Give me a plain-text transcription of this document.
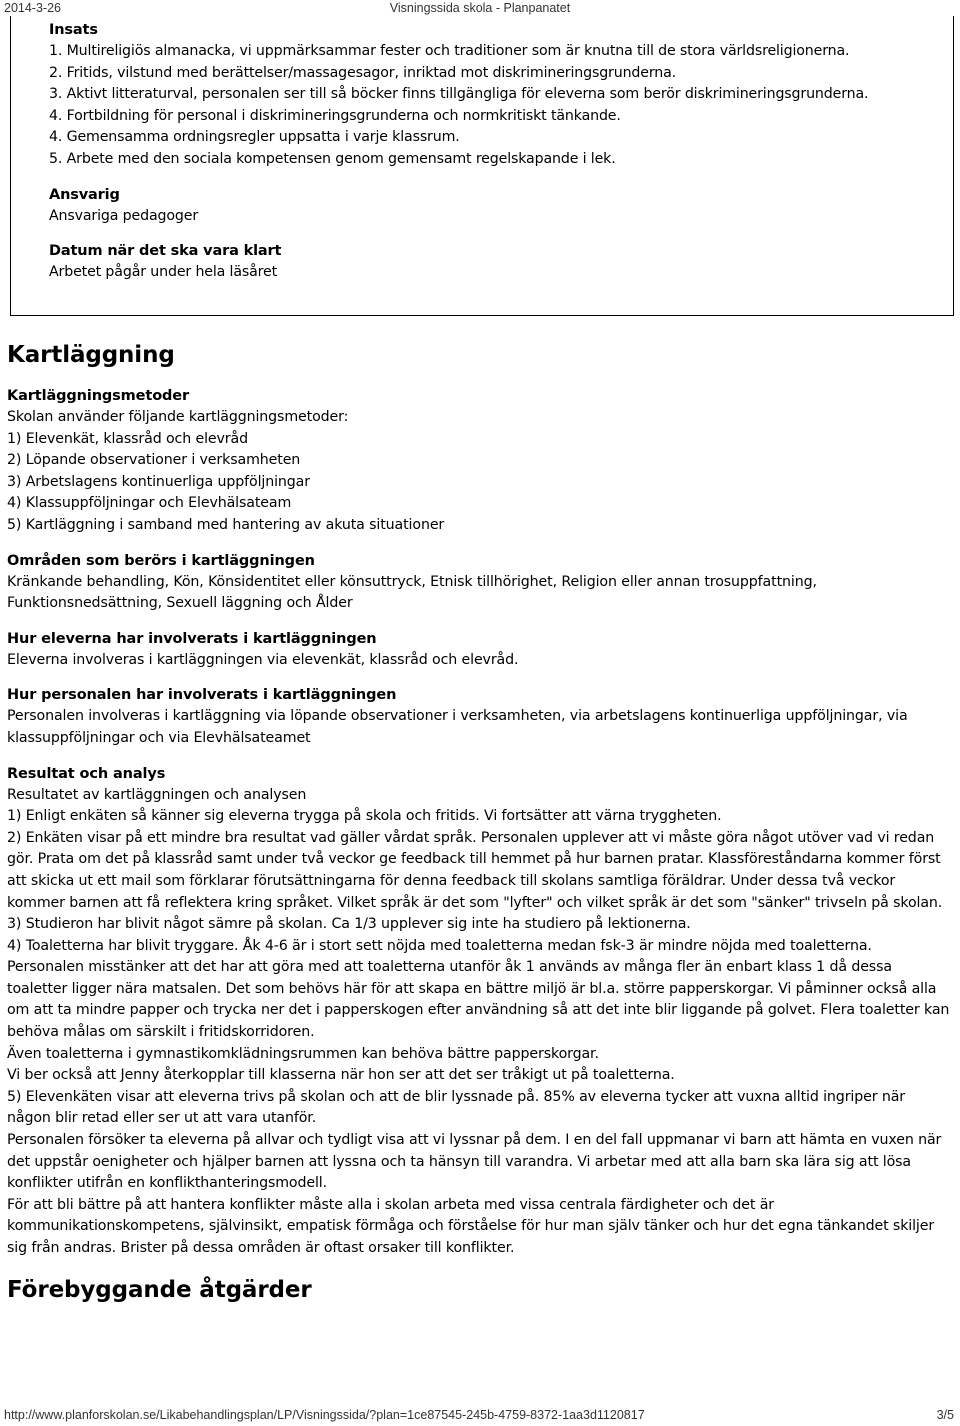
2014-3-26	Visningssida skola - Planpanatet
Insats

1. Multireligiös almanacka, vi uppmärksammar fester och traditioner som är knutna till de stora världsreligionerna.

2. Fritids, vilstund med berättelser/massagesagor, inriktad mot diskrimineringsgrunderna.

3. Aktivt litteraturval, personalen ser till så böcker finns tillgängliga för eleverna som berör diskrimineringsgrunderna.

4. Fortbildning för personal i diskrimineringsgrunderna och normkritiskt tänkande.

4. Gemensamma ordningsregler uppsatta i varje klassrum.

5. Arbete med den sociala kompetensen genom gemensamt regelskapande i lek.

Ansvarig

Ansvariga pedagoger

Datum när det ska vara klart

Arbetet pågår under hela läsåret

Kartläggning
Kartläggningsmetoder

Skolan använder följande kartläggningsmetoder:

1) Elevenkät, klassråd och elevråd

2) Löpande observationer i verksamheten

3) Arbetslagens kontinuerliga uppföljningar

4) Klassuppföljningar och Elevhälsateam

5) Kartläggning i samband med hantering av akuta situationer

Områden som berörs i kartläggningen

Kränkande behandling, Kön, Könsidentitet eller könsuttryck, Etnisk tillhörighet, Religion eller annan trosuppfattning, Funktionsnedsättning, Sexuell läggning och Ålder

Hur eleverna har involverats i kartläggningen

Eleverna involveras i kartläggningen via elevenkät, klassråd och elevråd.

Hur personalen har involverats i kartläggningen

Personalen involveras i kartläggning via löpande observationer i verksamheten, via arbetslagens kontinuerliga uppföljningar, via klassuppföljningar och via Elevhälsateamet

Resultat och analys

Resultatet av kartläggningen och analysen

1) Enligt enkäten så känner sig eleverna trygga på skola och fritids. Vi fortsätter att värna tryggheten.

2) Enkäten visar på ett mindre bra resultat vad gäller vårdat språk. Personalen upplever att vi måste göra något utöver vad vi redan gör. Prata om det på klassråd samt under två veckor ge feedback till hemmet på hur barnen pratar. Klassföreståndarna kommer först att skicka ut ett mail som förklarar förutsättningarna för denna feedback till skolans samtliga föräldrar. Under dessa två veckor kommer barnen att få reflektera kring språket. Vilket språk är det som "lyfter" och vilket språk är det som "sänker" trivseln på skolan.

3) Studieron har blivit något sämre på skolan. Ca 1/3 upplever sig inte ha studiero på lektionerna.

4) Toaletterna har blivit tryggare. Åk 4-6 är i stort sett nöjda med toaletterna medan fsk-3 är mindre nöjda med toaletterna. Personalen misstänker att det har att göra med att toaletterna utanför åk 1 används av många fler än enbart klass 1 då dessa toaletter ligger nära matsalen. Det som behövs här för att skapa en bättre miljö är bl.a. större papperskorgar. Vi påminner också alla om att ta mindre papper och trycka ner det i papperskogen efter användning så att det inte blir liggande på golvet. Flera toaletter kan behöva målas om särskilt i fritidskorridoren.

Även toaletterna i gymnastikomklädningsrummen kan behöva bättre papperskorgar.

Vi ber också att Jenny återkopplar till klasserna när hon ser att det ser tråkigt ut på toaletterna.

5) Elevenkäten visar att eleverna trivs på skolan och att de blir lyssnade på. 85% av eleverna tycker att vuxna alltid ingriper när någon blir retad eller ser ut att vara utanför.

Personalen försöker ta eleverna på allvar och tydligt visa att vi lyssnar på dem. I en del fall uppmanar vi barn att hämta en vuxen när det uppstår oenigheter och hjälper barnen att lyssna och ta hänsyn till varandra. Vi arbetar med att alla barn ska lära sig att lösa konflikter utifrån en konflikthanteringsmodell.

För att bli bättre på att hantera konflikter måste alla i skolan arbeta med vissa centrala färdigheter och det är kommunikationskompetens, självinsikt, empatisk förmåga och förståelse för hur man själv tänker och hur det egna tänkandet skiljer sig från andras. Brister på dessa områden är oftast orsaker till konflikter.

Förebyggande åtgärder
http://www.planforskolan.se/Likabehandlingsplan/LP/Visningssida/?plan=1ce87545-245b-4759-8372-1aa3d1120817	3/5
